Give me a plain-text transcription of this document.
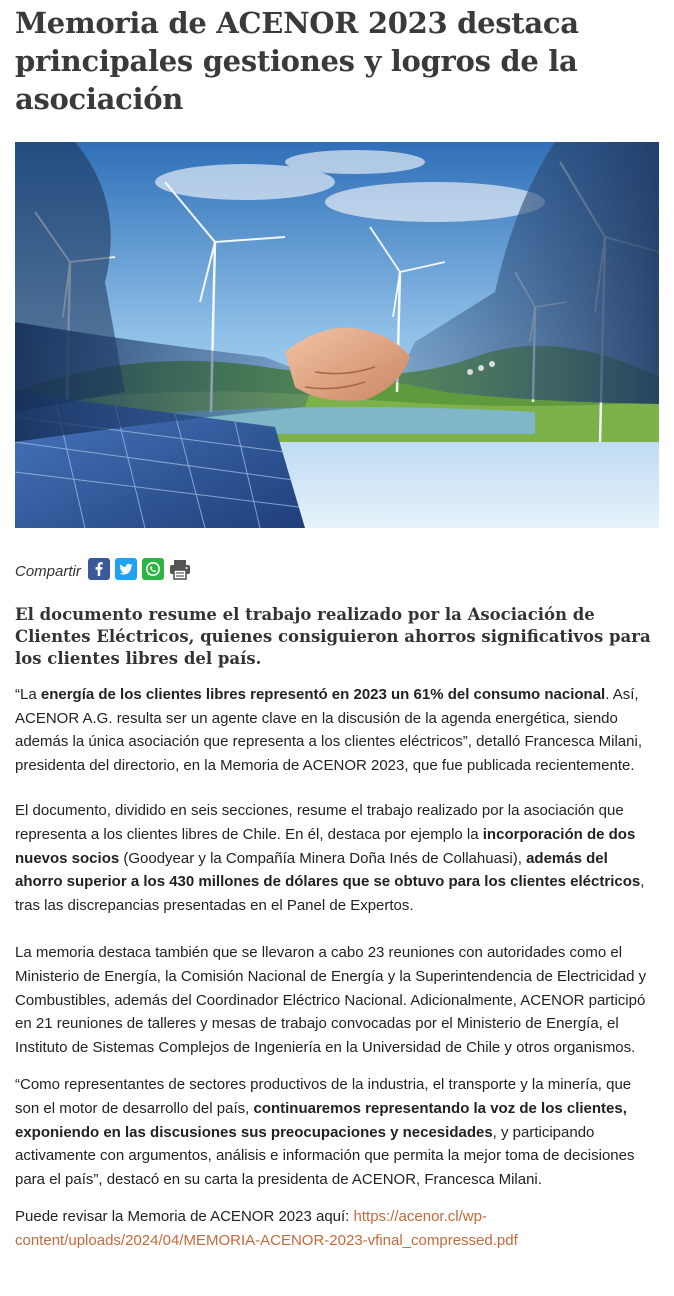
Memoria de ACENOR 2023 destaca principales gestiones y logros de la asociación
Compartir

El documento resume el trabajo realizado por la Asociación de Clientes Eléctricos, quienes consiguieron ahorros significativos para los clientes libres del país.

“La energía de los clientes libres representó en 2023 un 61% del consumo nacional. Así, ACENOR A.G. resulta ser un agente clave en la discusión de la agenda energética, siendo además la única asociación que representa a los clientes eléctricos”, detalló Francesca Milani, presidenta del directorio, en la Memoria de ACENOR 2023, que fue publicada recientemente.

El documento, dividido en seis secciones, resume el trabajo realizado por la asociación que representa a los clientes libres de Chile. En él, destaca por ejemplo la incorporación de dos nuevos socios (Goodyear y la Compañía Minera Doña Inés de Collahuasi), además del ahorro superior a los 430 millones de dólares que se obtuvo para los clientes eléctricos, tras las discrepancias presentadas en el Panel de Expertos.

La memoria destaca también que se llevaron a cabo 23 reuniones con autoridades como el Ministerio de Energía, la Comisión Nacional de Energía y la Superintendencia de Electricidad y Combustibles, además del Coordinador Eléctrico Nacional. Adicionalmente, ACENOR participó en 21 reuniones de talleres y mesas de trabajo convocadas por el Ministerio de Energía, el Instituto de Sistemas Complejos de Ingeniería en la Universidad de Chile y otros organismos.

“Como representantes de sectores productivos de la industria, el transporte y la minería, que son el motor de desarrollo del país, continuaremos representando la voz de los clientes, exponiendo en las discusiones sus preocupaciones y necesidades, y participando activamente con argumentos, análisis e información que permita la mejor toma de decisiones para el país”, destacó en su carta la presidenta de ACENOR, Francesca Milani.

Puede revisar la Memoria de ACENOR 2023 aquí: https://acenor.cl/wp-content/uploads/2024/04/MEMORIA-ACENOR-2023-vfinal_compressed.pdf
